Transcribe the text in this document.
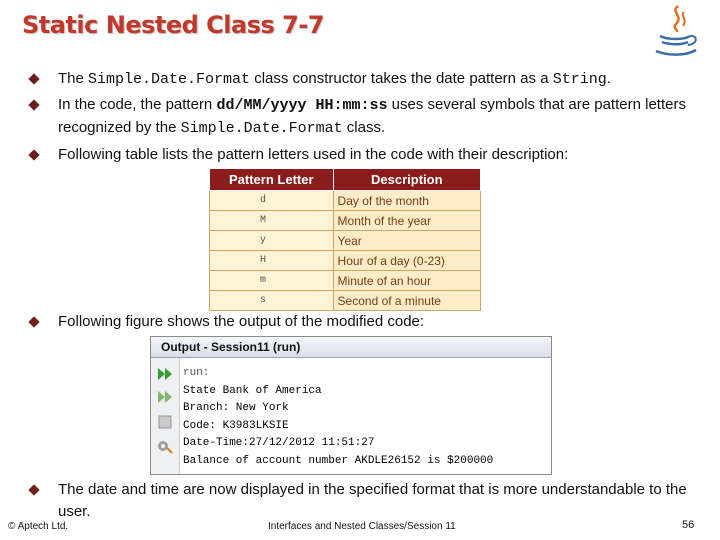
Static Nested Class 7-7
The Simple.Date.Format class constructor takes the date pattern as a String.
In the code, the pattern dd/MM/yyyy HH:mm:ss uses several symbols that are pattern letters recognized by the Simple.Date.Format class.
Following table lists the pattern letters used in the code with their description:
Pattern Letter	Description
d	Day of the month
M	Month of the year
y	Year
H	Hour of a day (0-23)
m	Minute of an hour
s	Second of a minute
Following figure shows the output of the modified code:
Output - Session11 (run)
run:
State Bank of America
Branch: New York
Code: K3983LKSIE
Date-Time:27/12/2012 11:51:27
Balance of account number AKDLE26152 is $200000
The date and time are now displayed in the specified format that is more understandable to the user.
© Aptech Ltd.	Interfaces and Nested Classes/Session 11	56
